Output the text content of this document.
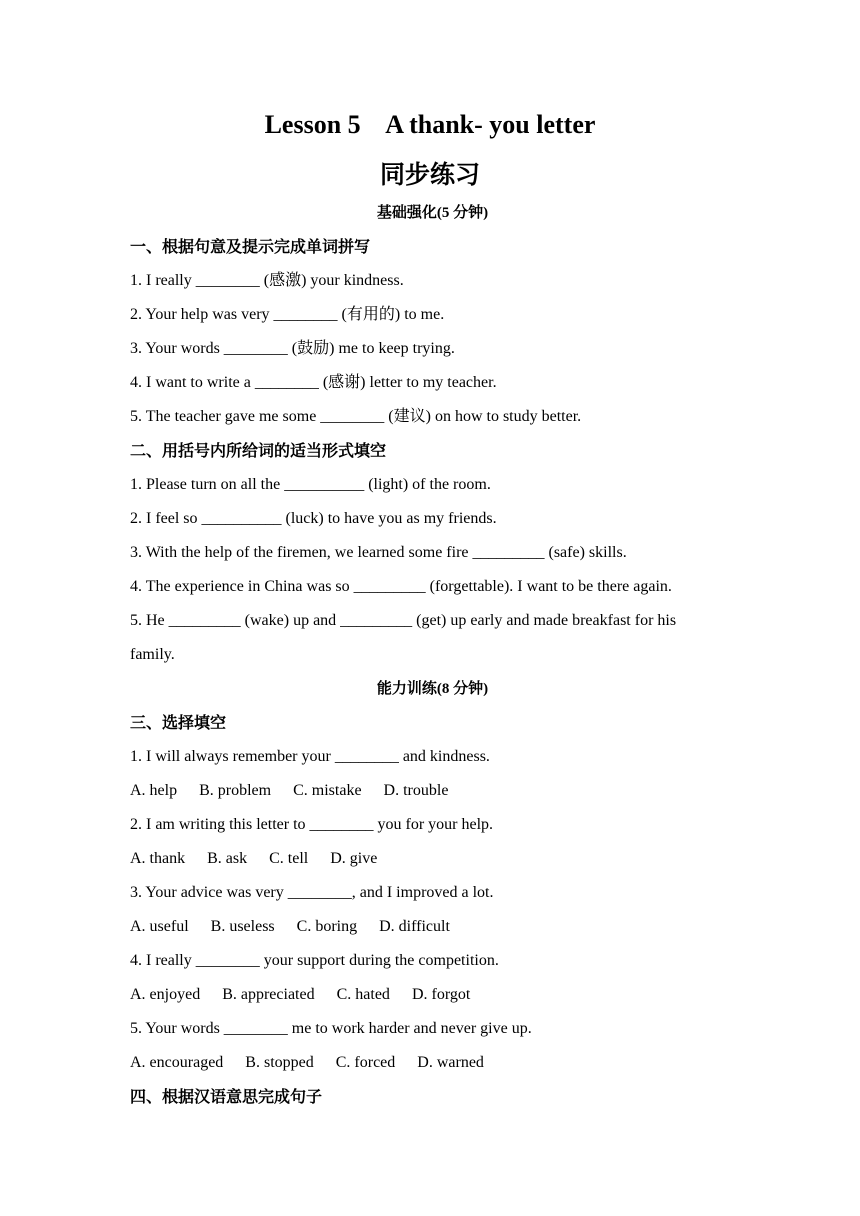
Lesson 5    A thank- you letter
同步练习
基础强化(5 分钟)
一、根据句意及提示完成单词拼写
1. I really ________ (感激) your kindness.
2. Your help was very ________ (有用的) to me.
3. Your words ________ (鼓励) me to keep trying.
4. I want to write a ________ (感谢) letter to my teacher.
5. The teacher gave me some ________ (建议) on how to study better.
二、用括号内所给词的适当形式填空
1. Please turn on all the __________ (light) of the room.
2. I feel so __________ (luck) to have you as my friends.
3. With the help of the firemen, we learned some fire _________ (safe) skills.
4. The experience in China was so _________ (forgettable). I want to be there again.
5. He _________ (wake) up and _________ (get) up early and made breakfast for his
family.
能力训练(8 分钟)
三、选择填空
1. I will always remember your ________ and kindness.
A. help B. problem C. mistake D. trouble
2. I am writing this letter to ________ you for your help.
A. thank B. ask C. tell D. give
3. Your advice was very ________, and I improved a lot.
A. useful B. useless C. boring D. difficult
4. I really ________ your support during the competition.
A. enjoyed B. appreciated C. hated D. forgot
5. Your words ________ me to work harder and never give up.
A. encouraged B. stopped C. forced D. warned
四、根据汉语意思完成句子
